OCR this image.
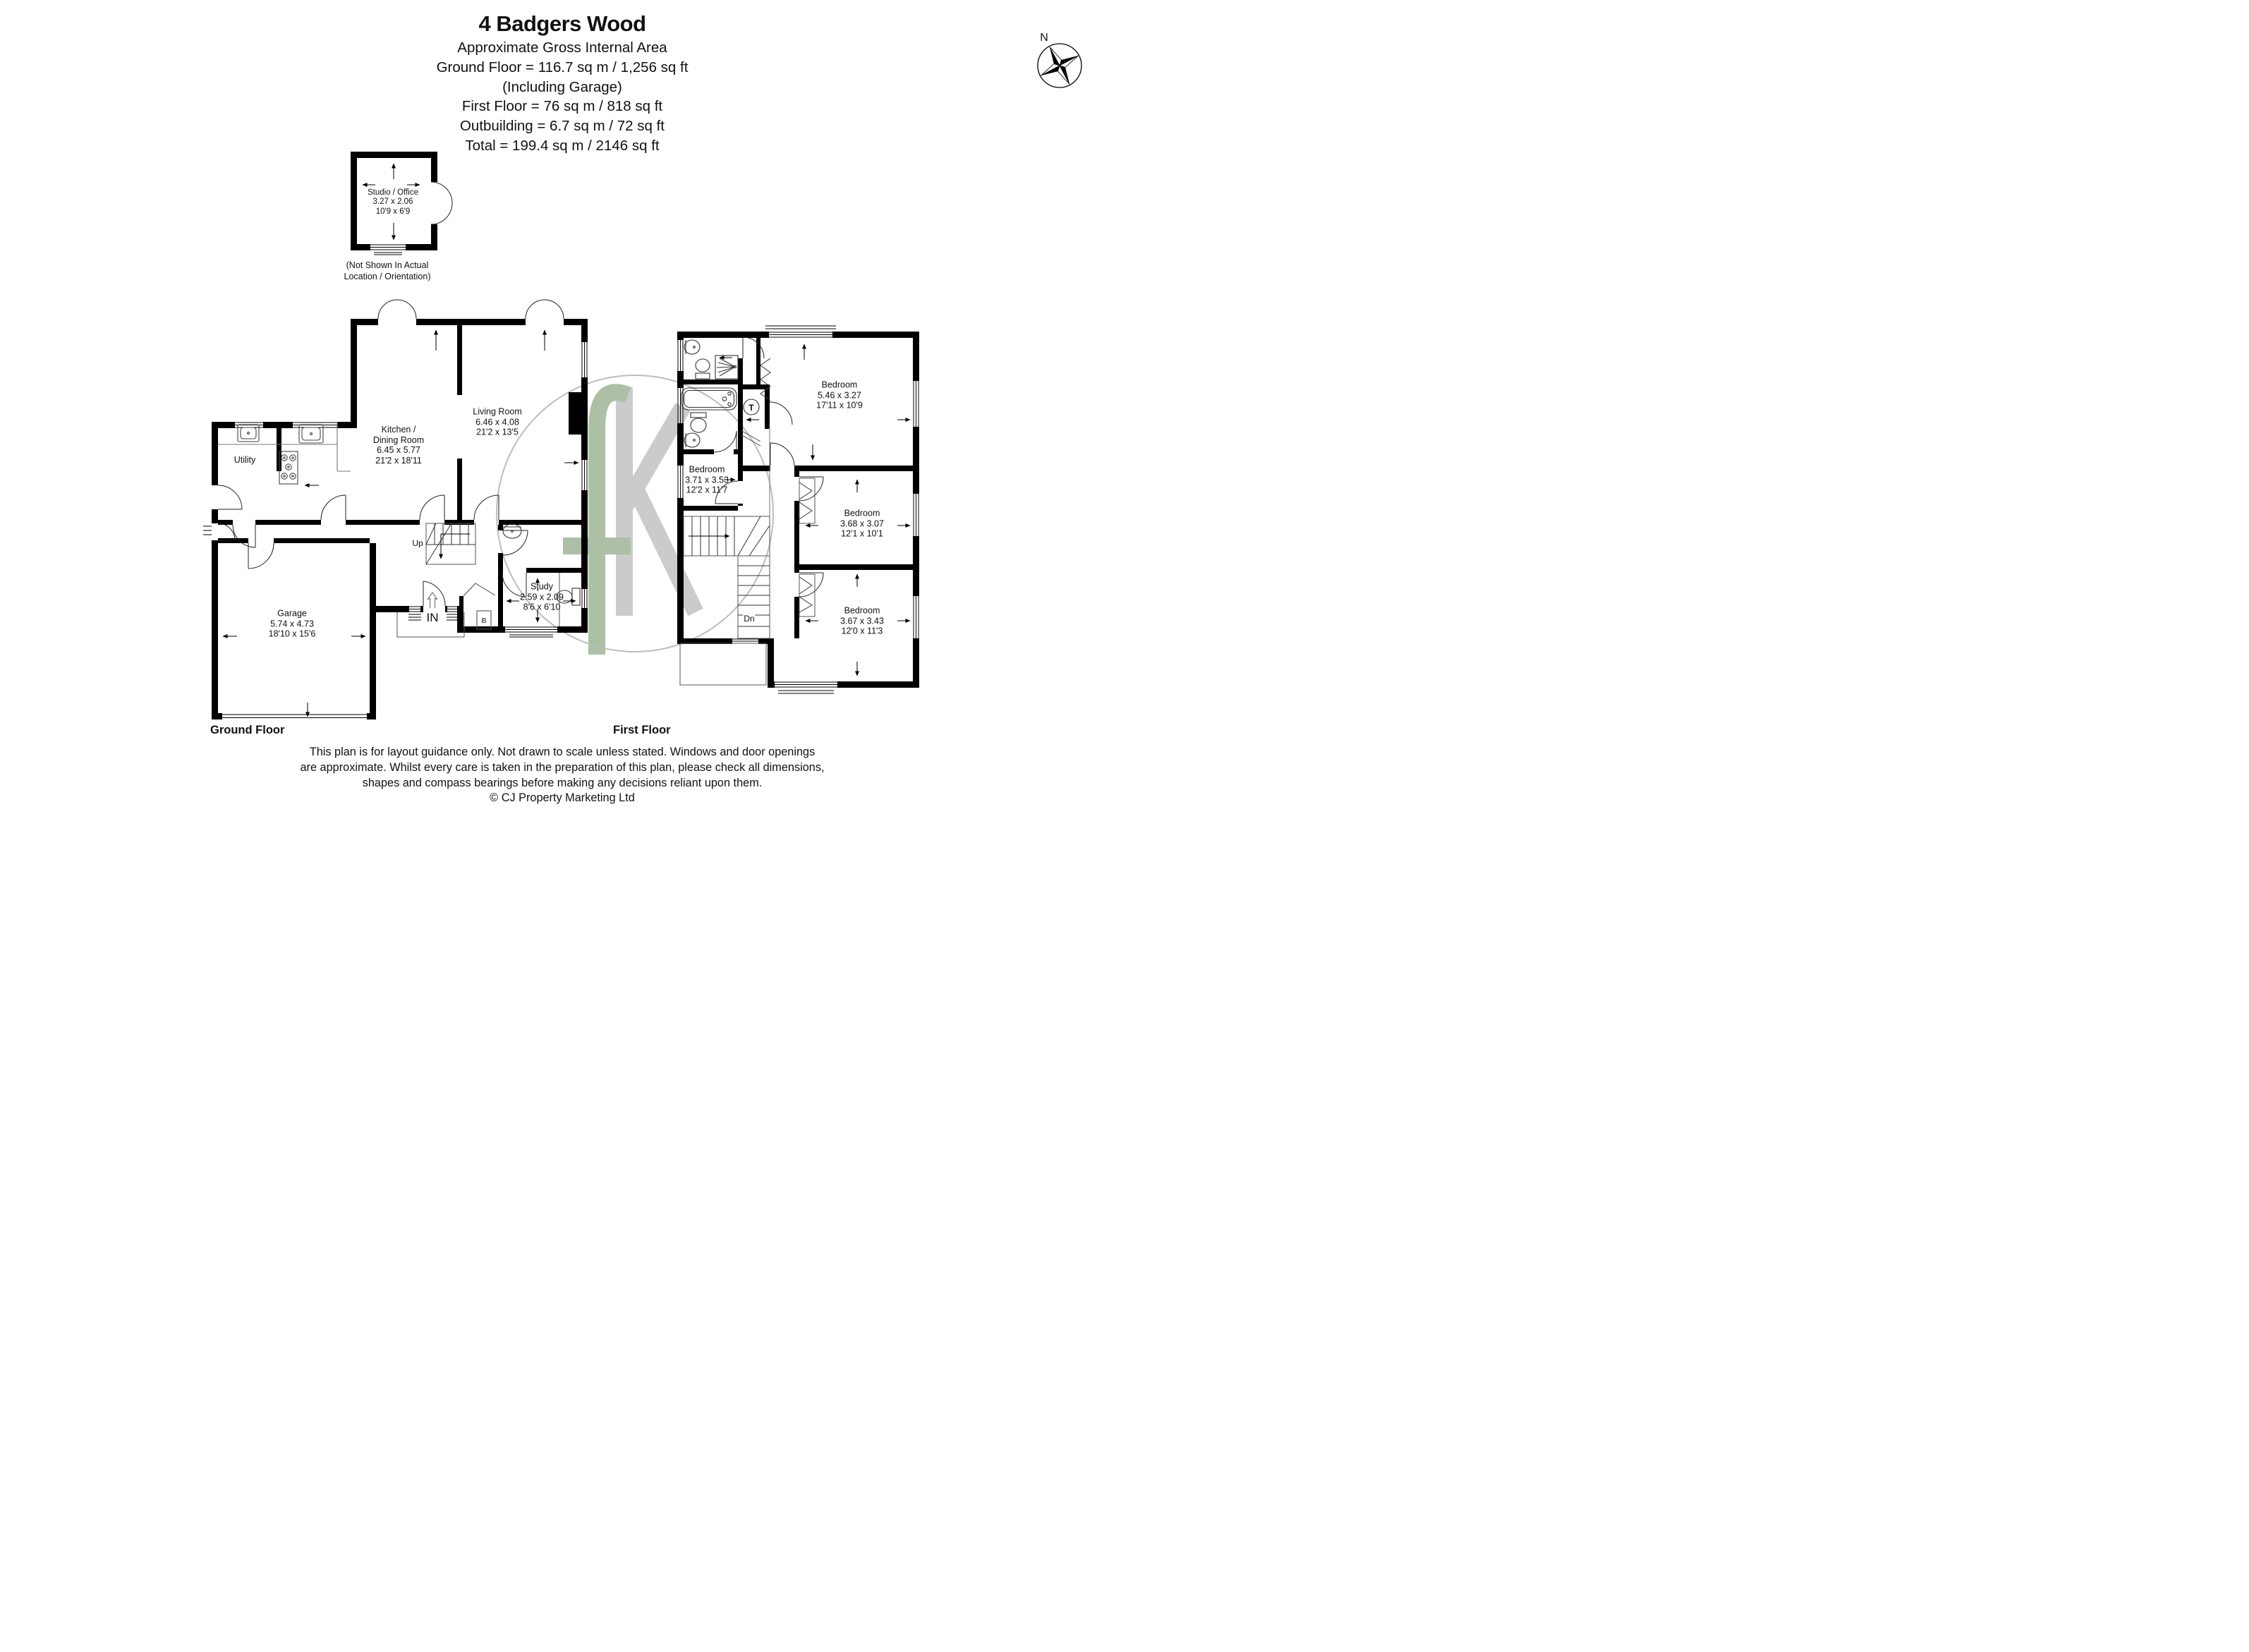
4 Badgers Wood
Approximate Gross Internal Area
Ground Floor = 116.7 sq m / 1,256 sq ft
(Including Garage)
First Floor = 76 sq m / 818 sq ft
Outbuilding = 6.7 sq m / 72 sq ft
Total = 199.4 sq m / 2146 sq ft
N
Studio / Office
3.27 x 2.06
10'9 x 6'9
(Not Shown In Actual
Location / Orientation)
Utility
Kitchen /
Dining Room
6.45 x 5.77
21'2 x 18'11
Living Room
6.46 x 4.08
21'2 x 13'5
Garage
5.74 x 4.73
18'10 x 15'6
Study
2.59 x 2.09
8'6 x 6'10
Up
IN	B
Bedroom
5.46 x 3.27
17'11 x 10'9
Bedroom
3.68 x 3.07
12'1 x 10'1
Bedroom
3.67 x 3.43
12'0 x 11'3
Bedroom
3.71 x 3.53
12'2 x 11'7
Dn
T
Ground Floor	First Floor
This plan is for layout guidance only. Not drawn to scale unless stated. Windows and door openings
are approximate. Whilst every care is taken in the preparation of this plan, please check all dimensions,
shapes and compass bearings before making any decisions reliant upon them.
© CJ Property Marketing Ltd
